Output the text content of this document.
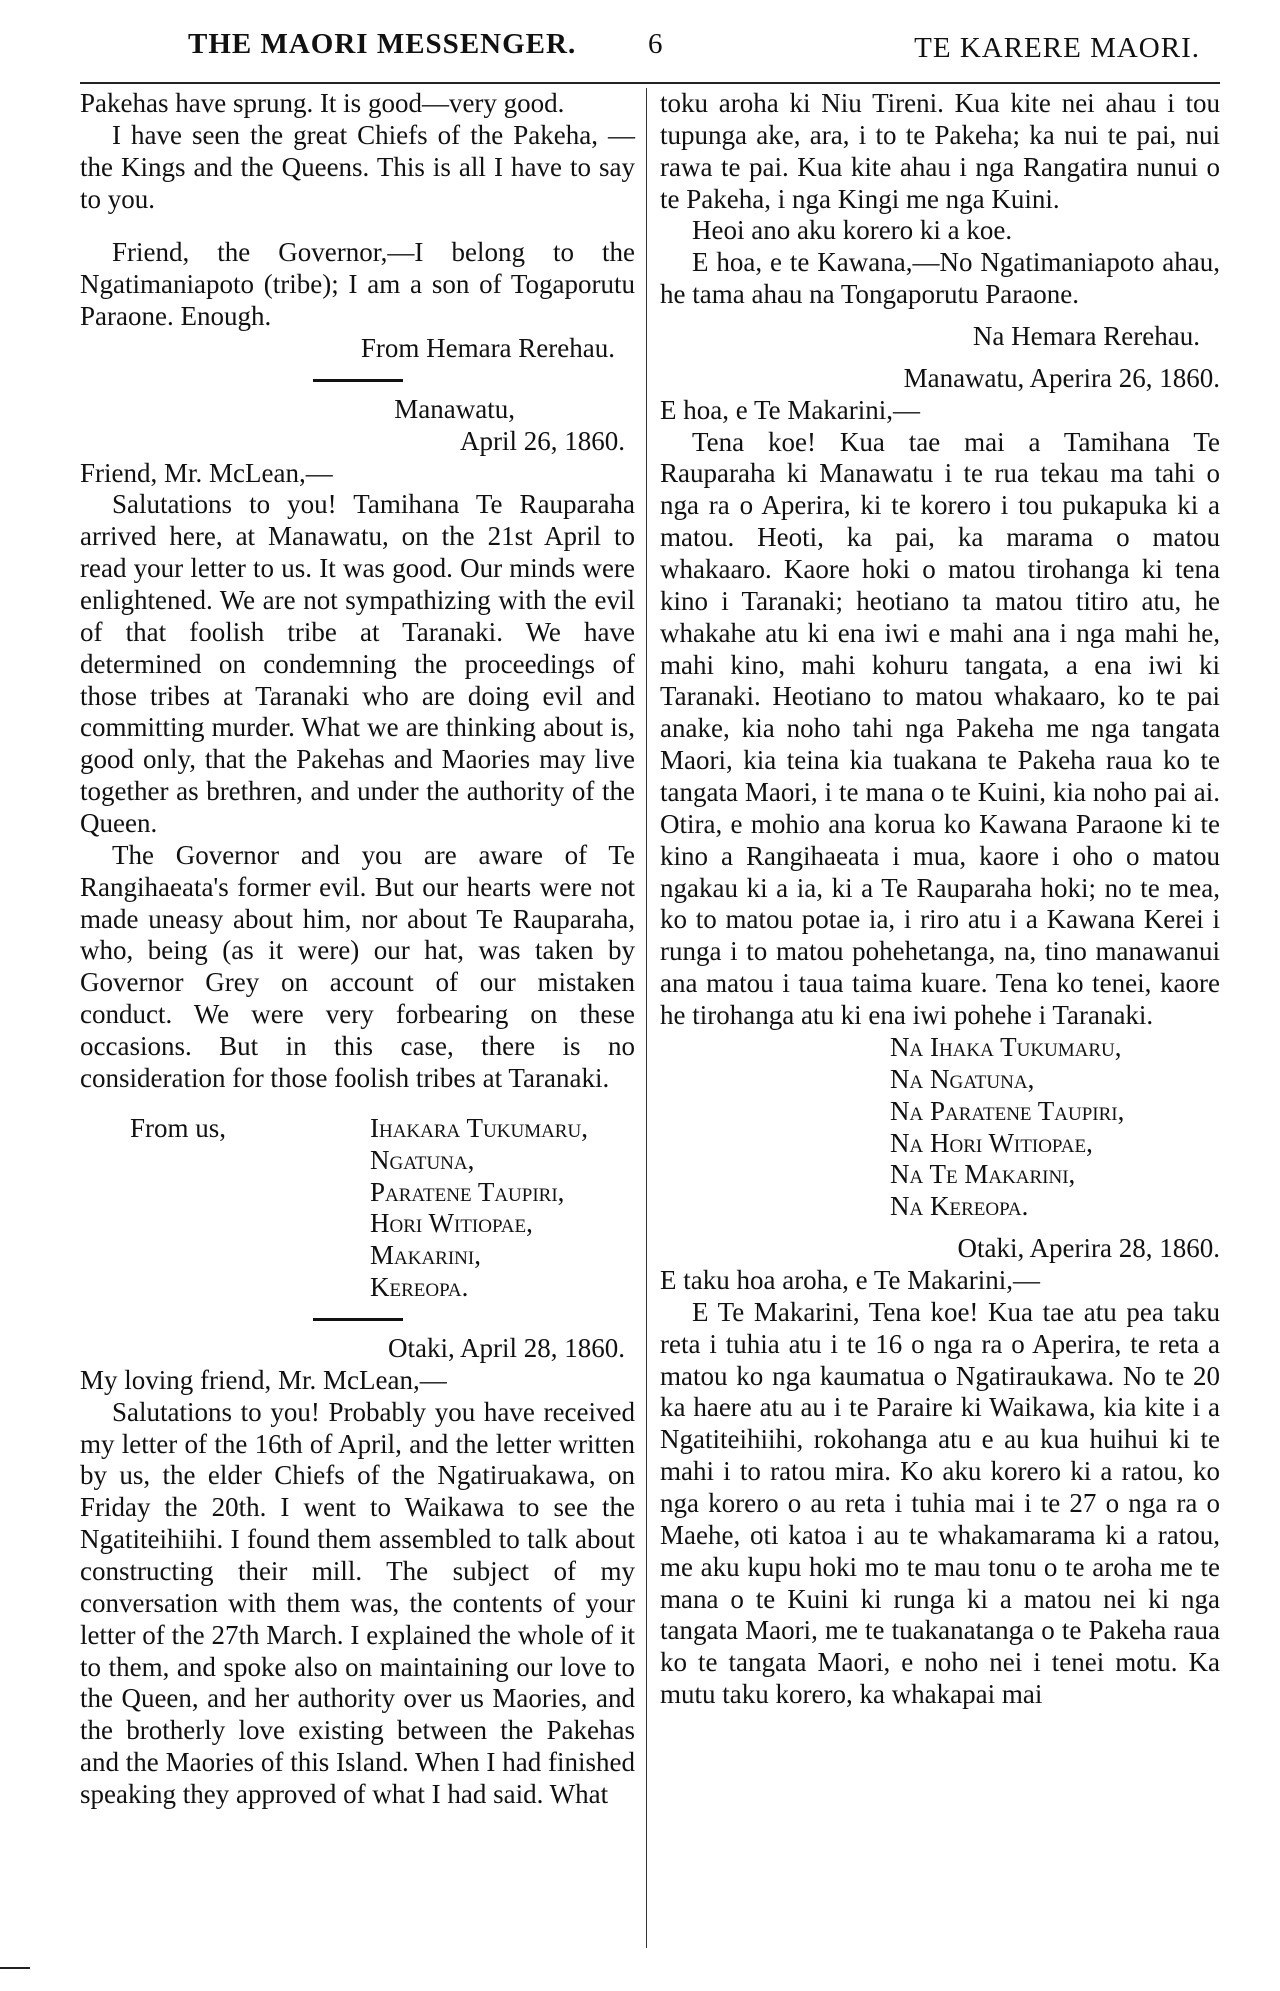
THE MAORI MESSENGER. 6	TE KARERE MAORI.

Pakehas have sprung. It is good—very good.

I have seen the great Chiefs of the Pakeha, —the Kings and the Queens. This is all I have to say to you.

Friend, the Governor,—I belong to the Ngatimaniapoto (tribe); I am a son of Togaporutu Paraone. Enough.

From Hemara Rerehau.

Manawatu,

April 26, 1860.

Friend, Mr. McLean,—

Salutations to you! Tamihana Te Rauparaha arrived here, at Manawatu, on the 21st April to read your letter to us. It was good. Our minds were enlightened. We are not sympathizing with the evil of that foolish tribe at Taranaki. We have determined on condemning the proceedings of those tribes at Taranaki who are doing evil and committing murder. What we are thinking about is, good only, that the Pakehas and Maories may live together as brethren, and under the authority of the Queen.

The Governor and you are aware of Te Rangihaeata's former evil. But our hearts were not made uneasy about him, nor about Te Rauparaha, who, being (as it were) our hat, was taken by Governor Grey on account of our mistaken conduct. We were very forbearing on these occasions. But in this case, there is no consideration for those foolish tribes at Taranaki.

From us,	Ihakara Tukumaru,

Ngatuna,

Paratene Taupiri,

Hori Witiopae,

Makarini,

Kereopa.

Otaki, April 28, 1860.

My loving friend, Mr. McLean,—

Salutations to you! Probably you have received my letter of the 16th of April, and the letter written by us, the elder Chiefs of the Ngatiruakawa, on Friday the 20th. I went to Waikawa to see the Ngatiteihiihi. I found them assembled to talk about constructing their mill. The subject of my conversation with them was, the contents of your letter of the 27th March. I explained the whole of it to them, and spoke also on maintaining our love to the Queen, and her authority over us Maories, and the brotherly love existing between the Pakehas and the Maories of this Island. When I had finished speaking they approved of what I had said. What

toku aroha ki Niu Tireni. Kua kite nei ahau i tou tupunga ake, ara, i to te Pakeha; ka nui te pai, nui rawa te pai. Kua kite ahau i nga Rangatira nunui o te Pakeha, i nga Kingi me nga Kuini.

Heoi ano aku korero ki a koe.

E hoa, e te Kawana,—No Ngatimaniapoto ahau, he tama ahau na Tongaporutu Paraone.

Na Hemara Rerehau.

Manawatu, Aperira 26, 1860.

E hoa, e Te Makarini,—

Tena koe! Kua tae mai a Tamihana Te Rauparaha ki Manawatu i te rua tekau ma tahi o nga ra o Aperira, ki te korero i tou pukapuka ki a matou. Heoti, ka pai, ka marama o matou whakaaro. Kaore hoki o matou tirohanga ki tena kino i Taranaki; heotiano ta matou titiro atu, he whakahe atu ki ena iwi e mahi ana i nga mahi he, mahi kino, mahi kohuru tangata, a ena iwi ki Taranaki. Heotiano to matou whakaaro, ko te pai anake, kia noho tahi nga Pakeha me nga tangata Maori, kia teina kia tuakana te Pakeha raua ko te tangata Maori, i te mana o te Kuini, kia noho pai ai. Otira, e mohio ana korua ko Kawana Paraone ki te kino a Rangihaeata i mua, kaore i oho o matou ngakau ki a ia, ki a Te Rauparaha hoki; no te mea, ko to matou potae ia, i riro atu i a Kawana Kerei i runga i to matou pohehetanga, na, tino manawanui ana matou i taua taima kuare. Tena ko tenei, kaore he tirohanga atu ki ena iwi pohehe i Taranaki.

Na Ihaka Tukumaru,

Na Ngatuna,

Na Paratene Taupiri,

Na Hori Witiopae,

Na Te Makarini,

Na Kereopa.

Otaki, Aperira 28, 1860.

E taku hoa aroha, e Te Makarini,—

E Te Makarini, Tena koe! Kua tae atu pea taku reta i tuhia atu i te 16 o nga ra o Aperira, te reta a matou ko nga kaumatua o Ngatiraukawa. No te 20 ka haere atu au i te Paraire ki Waikawa, kia kite i a Ngatiteihiihi, rokohanga atu e au kua huihui ki te mahi i to ratou mira. Ko aku korero ki a ratou, ko nga korero o au reta i tuhia mai i te 27 o nga ra o Maehe, oti katoa i au te whakamarama ki a ratou, me aku kupu hoki mo te mau tonu o te aroha me te mana o te Kuini ki runga ki a matou nei ki nga tangata Maori, me te tuakanatanga o te Pakeha raua ko te tangata Maori, e noho nei i tenei motu. Ka mutu taku korero, ka whakapai mai
